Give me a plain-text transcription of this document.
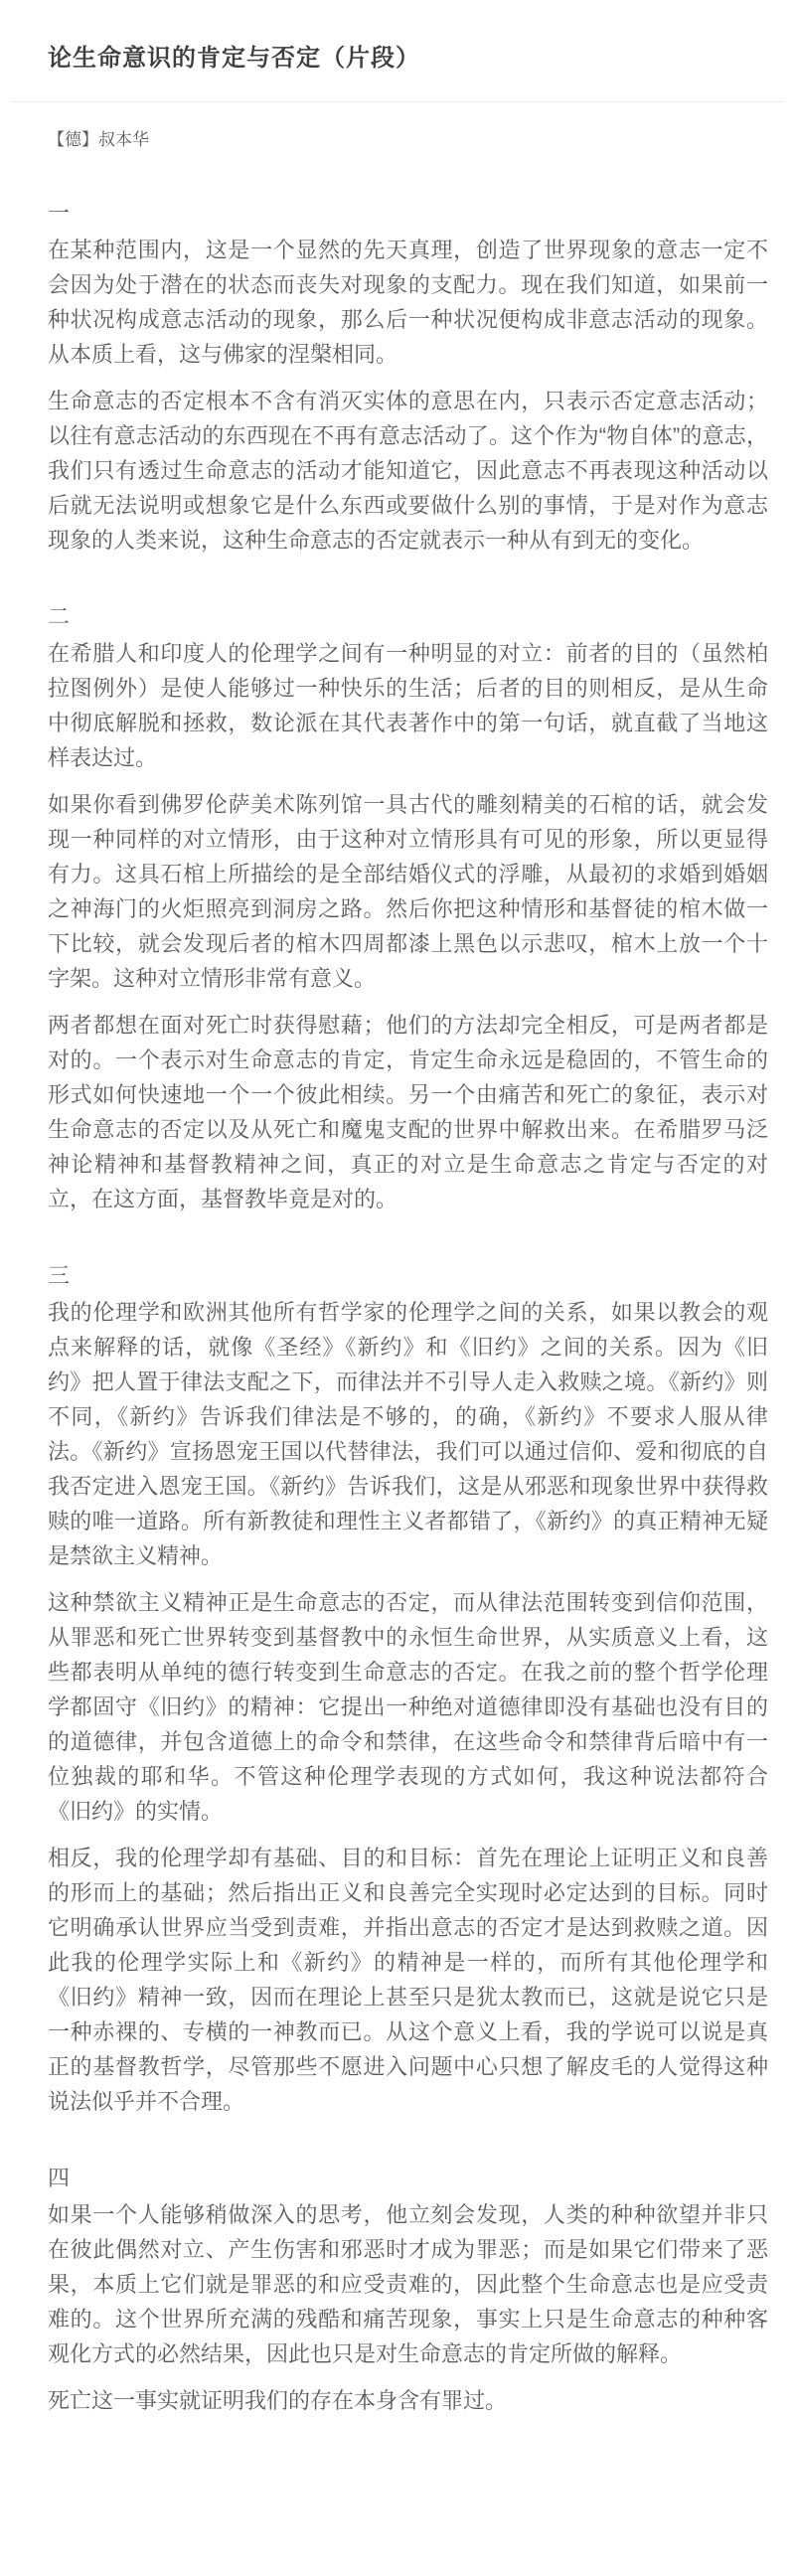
论生命意识的肯定与否定（片段）

【德】叔本华

一

在某种范围内，这是一个显然的先天真理，创造了世界现象的意志一定不会因为处于潜在的状态而丧失对现象的支配力。现在我们知道，如果前一种状况构成意志活动的现象，那么后一种状况便构成非意志活动的现象。从本质上看，这与佛家的涅槃相同。

生命意志的否定根本不含有消灭实体的意思在内，只表示否定意志活动；以往有意志活动的东西现在不再有意志活动了。这个作为“物自体”的意志，我们只有透过生命意志的活动才能知道它，因此意志不再表现这种活动以后就无法说明或想象它是什么东西或要做什么别的事情，于是对作为意志现象的人类来说，这种生命意志的否定就表示一种从有到无的变化。

二

在希腊人和印度人的伦理学之间有一种明显的对立：前者的目的（虽然柏拉图例外）是使人能够过一种快乐的生活；后者的目的则相反，是从生命中彻底解脱和拯救，数论派在其代表著作中的第一句话，就直截了当地这样表达过。

如果你看到佛罗伦萨美术陈列馆一具古代的雕刻精美的石棺的话，就会发现一种同样的对立情形，由于这种对立情形具有可见的形象，所以更显得有力。这具石棺上所描绘的是全部结婚仪式的浮雕，从最初的求婚到婚姻之神海门的火炬照亮到洞房之路。然后你把这种情形和基督徒的棺木做一下比较，就会发现后者的棺木四周都漆上黑色以示悲叹，棺木上放一个十字架。这种对立情形非常有意义。

两者都想在面对死亡时获得慰藉；他们的方法却完全相反，可是两者都是对的。一个表示对生命意志的肯定，肯定生命永远是稳固的，不管生命的形式如何快速地一个一个彼此相续。另一个由痛苦和死亡的象征，表示对生命意志的否定以及从死亡和魔鬼支配的世界中解救出来。在希腊罗马泛神论精神和基督教精神之间，真正的对立是生命意志之肯定与否定的对立，在这方面，基督教毕竟是对的。

三

我的伦理学和欧洲其他所有哲学家的伦理学之间的关系，如果以教会的观点来解释的话，就像《圣经》《新约》和《旧约》之间的关系。因为《旧约》把人置于律法支配之下，而律法并不引导人走入救赎之境。《新约》则不同，《新约》告诉我们律法是不够的，的确，《新约》不要求人服从律法。《新约》宣扬恩宠王国以代替律法，我们可以通过信仰、爱和彻底的自我否定进入恩宠王国。《新约》告诉我们，这是从邪恶和现象世界中获得救赎的唯一道路。所有新教徒和理性主义者都错了，《新约》的真正精神无疑是禁欲主义精神。

这种禁欲主义精神正是生命意志的否定，而从律法范围转变到信仰范围，从罪恶和死亡世界转变到基督教中的永恒生命世界，从实质意义上看，这些都表明从单纯的德行转变到生命意志的否定。在我之前的整个哲学伦理学都固守《旧约》的精神：它提出一种绝对道德律即没有基础也没有目的的道德律，并包含道德上的命令和禁律，在这些命令和禁律背后暗中有一位独裁的耶和华。不管这种伦理学表现的方式如何，我这种说法都符合《旧约》的实情。

相反，我的伦理学却有基础、目的和目标：首先在理论上证明正义和良善的形而上的基础；然后指出正义和良善完全实现时必定达到的目标。同时它明确承认世界应当受到责难，并指出意志的否定才是达到救赎之道。因此我的伦理学实际上和《新约》的精神是一样的，而所有其他伦理学和《旧约》精神一致，因而在理论上甚至只是犹太教而已，这就是说它只是一种赤裸的、专横的一神教而已。从这个意义上看，我的学说可以说是真正的基督教哲学，尽管那些不愿进入问题中心只想了解皮毛的人觉得这种说法似乎并不合理。

四

如果一个人能够稍做深入的思考，他立刻会发现，人类的种种欲望并非只在彼此偶然对立、产生伤害和邪恶时才成为罪恶；而是如果它们带来了恶果，本质上它们就是罪恶的和应受责难的，因此整个生命意志也是应受责难的。这个世界所充满的残酷和痛苦现象，事实上只是生命意志的种种客观化方式的必然结果，因此也只是对生命意志的肯定所做的解释。

死亡这一事实就证明我们的存在本身含有罪过。
